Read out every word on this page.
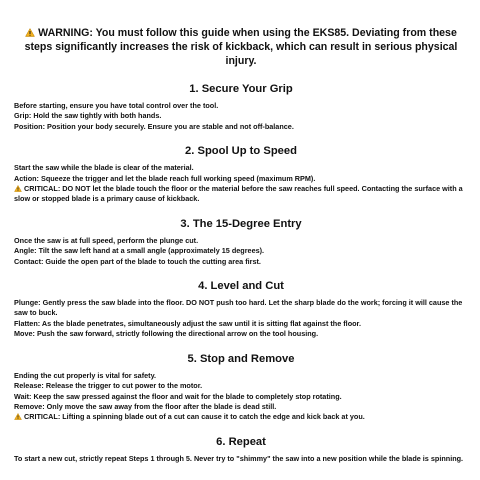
WARNING: You must follow this guide when using the EKS85. Deviating from these steps significantly increases the risk of kickback, which can result in serious physical injury.
1. Secure Your Grip

Before starting, ensure you have total control over the tool.

Grip: Hold the saw tightly with both hands.

Position: Position your body securely. Ensure you are stable and not off-balance.

2. Spool Up to Speed

Start the saw while the blade is clear of the material.

Action: Squeeze the trigger and let the blade reach full working speed (maximum RPM).

CRITICAL: DO NOT let the blade touch the floor or the material before the saw reaches full speed. Contacting the surface with a slow or stopped blade is a primary cause of kickback.

3. The 15-Degree Entry

Once the saw is at full speed, perform the plunge cut.

Angle: Tilt the saw left hand at a small angle (approximately 15 degrees).

Contact: Guide the open part of the blade to touch the cutting area first.

4. Level and Cut

Plunge: Gently press the saw blade into the floor. DO NOT push too hard. Let the sharp blade do the work; forcing it will cause the saw to buck.

Flatten: As the blade penetrates, simultaneously adjust the saw until it is sitting flat against the floor.

Move: Push the saw forward, strictly following the directional arrow on the tool housing.

5. Stop and Remove

Ending the cut properly is vital for safety.

Release: Release the trigger to cut power to the motor.

Wait: Keep the saw pressed against the floor and wait for the blade to completely stop rotating.

Remove: Only move the saw away from the floor after the blade is dead still.

CRITICAL: Lifting a spinning blade out of a cut can cause it to catch the edge and kick back at you.

6. Repeat

To start a new cut, strictly repeat Steps 1 through 5. Never try to "shimmy" the saw into a new position while the blade is spinning.
